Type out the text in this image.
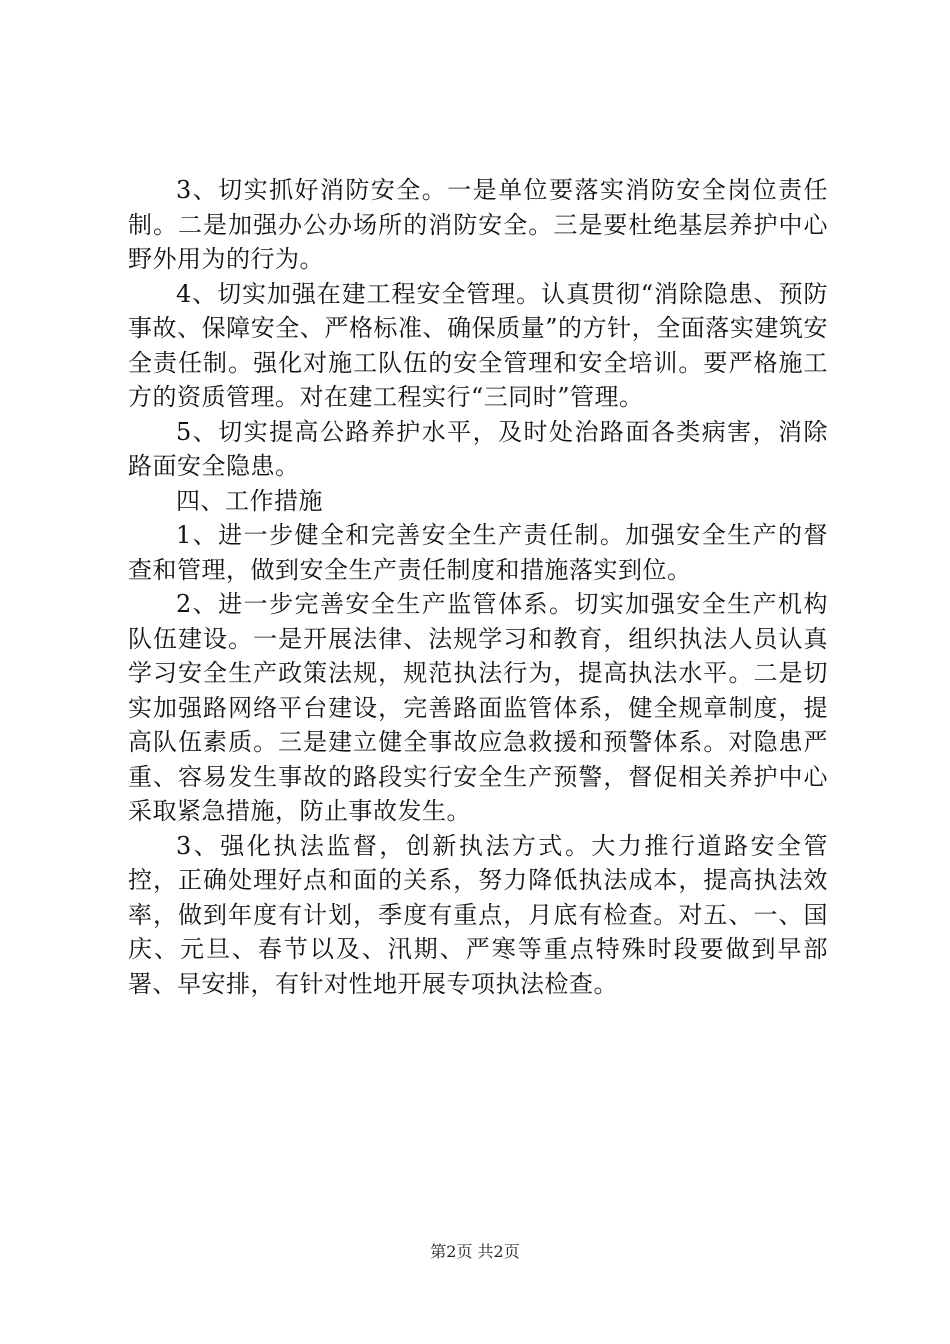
3、切实抓好消防安全。一是单位要落实消防安全岗位责任制。二是加强办公办场所的消防安全。三是要杜绝基层养护中心野外用为的行为。

4、切实加强在建工程安全管理。认真贯彻“消除隐患、预防事故、保障安全、严格标准、确保质量”的方针，全面落实建筑安全责任制。强化对施工队伍的安全管理和安全培训。要严格施工方的资质管理。对在建工程实行“三同时”管理。

5、切实提高公路养护水平，及时处治路面各类病害，消除路面安全隐患。

四、工作措施

1、进一步健全和完善安全生产责任制。加强安全生产的督查和管理，做到安全生产责任制度和措施落实到位。

2、进一步完善安全生产监管体系。切实加强安全生产机构队伍建设。一是开展法律、法规学习和教育，组织执法人员认真学习安全生产政策法规，规范执法行为，提高执法水平。二是切实加强路网络平台建设，完善路面监管体系，健全规章制度，提高队伍素质。三是建立健全事故应急救援和预警体系。对隐患严重、容易发生事故的路段实行安全生产预警，督促相关养护中心采取紧急措施，防止事故发生。

3、强化执法监督，创新执法方式。大力推行道路安全管控，正确处理好点和面的关系，努力降低执法成本，提高执法效率，做到年度有计划，季度有重点，月底有检查。对五、一、国庆、元旦、春节以及、汛期、严寒等重点特殊时段要做到早部署、早安排，有针对性地开展专项执法检查。

第2页 共2页
